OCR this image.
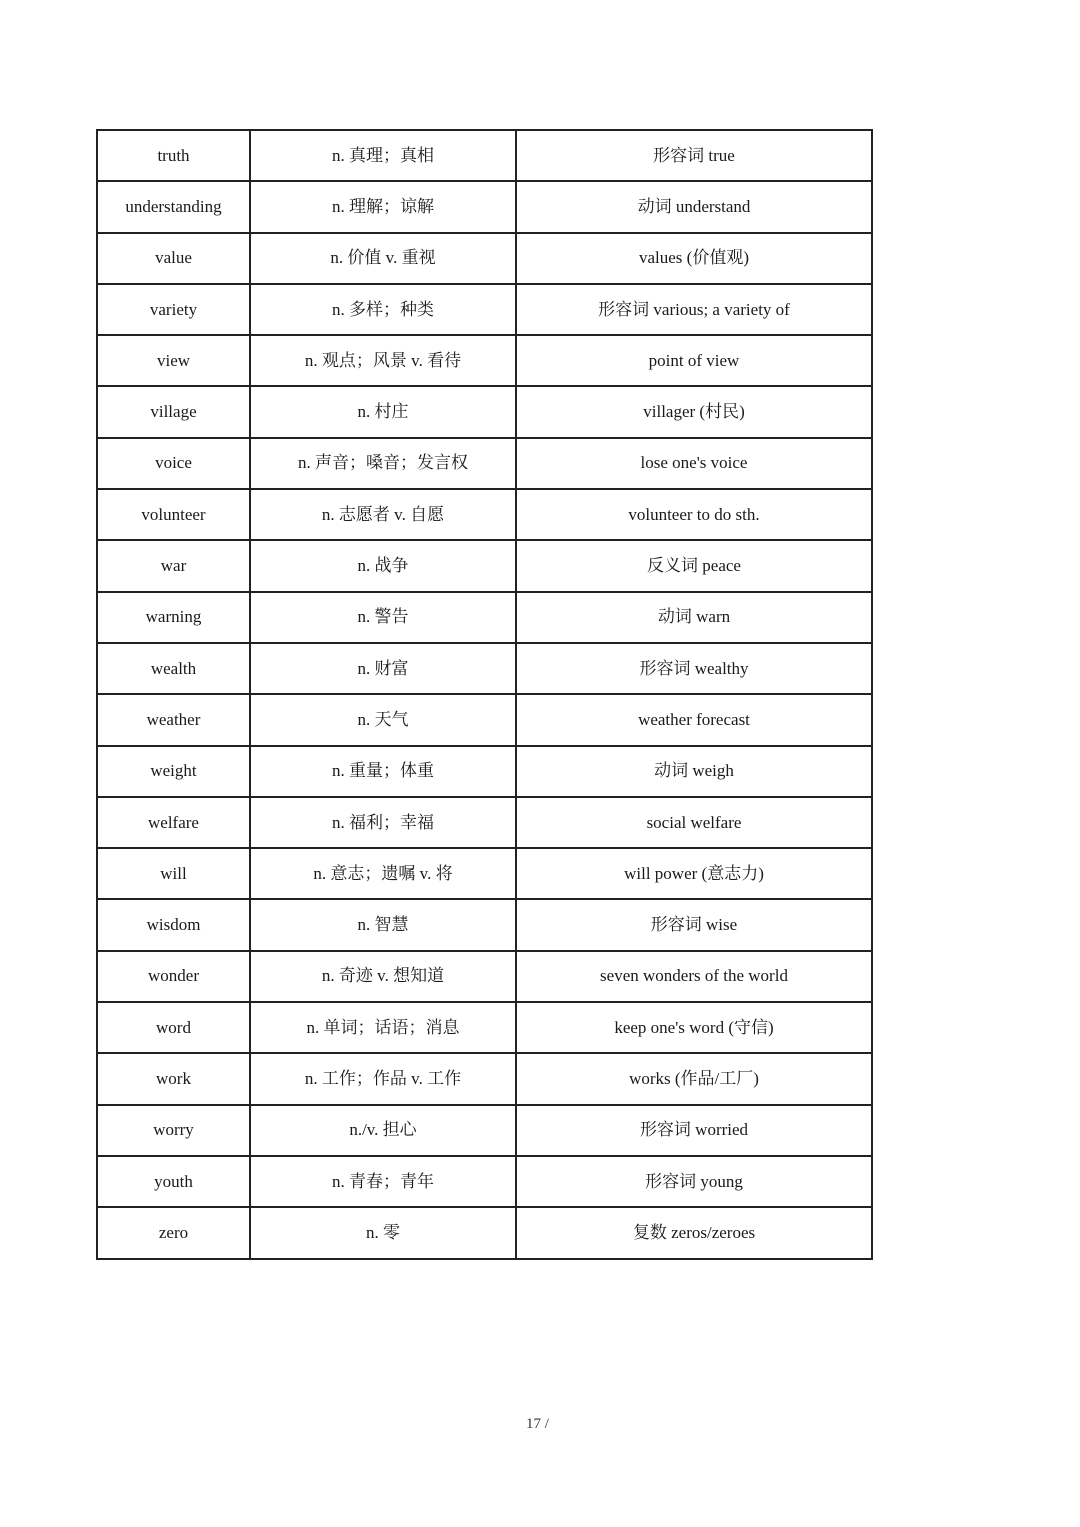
truth	n. 真理；真相	形容词 true
understanding	n. 理解；谅解	动词 understand
value	n. 价值 v. 重视	values (价值观)
variety	n. 多样；种类	形容词 various; a variety of
view	n. 观点；风景 v. 看待	point of view
village	n. 村庄	villager (村民)
voice	n. 声音；嗓音；发言权	lose one's voice
volunteer	n. 志愿者 v. 自愿	volunteer to do sth.
war	n. 战争	反义词 peace
warning	n. 警告	动词 warn
wealth	n. 财富	形容词 wealthy
weather	n. 天气	weather forecast
weight	n. 重量；体重	动词 weigh
welfare	n. 福利；幸福	social welfare
will	n. 意志；遗嘱 v. 将	will power (意志力)
wisdom	n. 智慧	形容词 wise
wonder	n. 奇迹 v. 想知道	seven wonders of the world
word	n. 单词；话语；消息	keep one's word (守信)
work	n. 工作；作品 v. 工作	works (作品/工厂)
worry	n./v. 担心	形容词 worried
youth	n. 青春；青年	形容词 young
zero	n. 零	复数 zeros/zeroes
17 /
